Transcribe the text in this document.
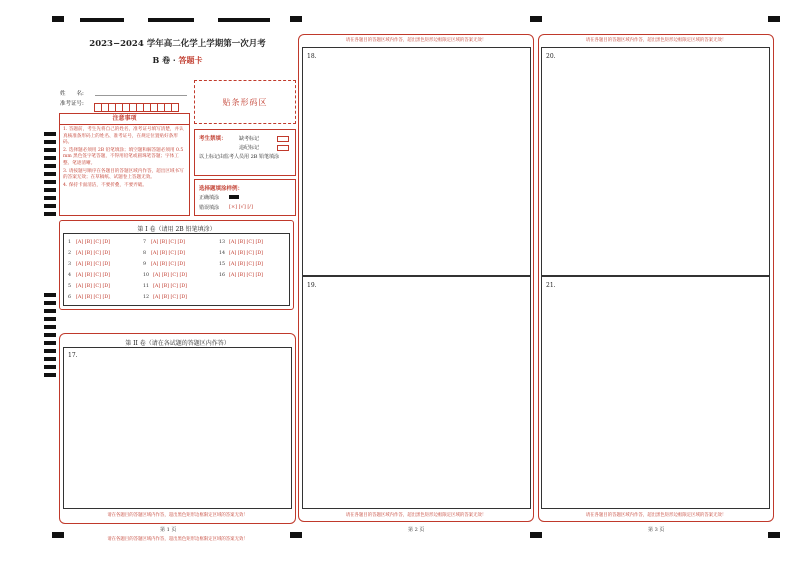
2023−2024 学年高二化学上学期第一次月考
B 卷 · 答题卡
姓　　名:
准考证号:	贴条形码区
注意事项
1. 答题前，考生先将自己的姓名，准考证号填写清楚，并认真核准条形码上的姓名、准考证号，在规定位置贴好条形码。
2. 选择题必须用 2B 铅笔填涂；填空题和解答题必须用 0.5 mm 黑色签字笔答题，不得用铅笔或圆珠笔答题；字体工整、笔迹清晰。
3. 请按题号顺序在各题目的答题区域内作答，超出区域书写的答案无效；在草稿纸、试题卷上答题无效。
4. 保持卡面清洁，不要折叠，不要弄破。
考生禁填： 缺考标记
违纪标记
以上标记由监考人员用 2B 铅笔填涂
选择题填涂样例：
正确填涂
错误填涂 [×] [√] [/]
第 I 卷（请用 2B 铅笔填涂）
1 [A] [B] [C] [D]
2 [A] [B] [C] [D]
3 [A] [B] [C] [D]
4 [A] [B] [C] [D]
5 [A] [B] [C] [D]
6 [A] [B] [C] [D]
7 [A] [B] [C] [D]
8 [A] [B] [C] [D]
9 [A] [B] [C] [D]
10 [A] [B] [C] [D]
11 [A] [B] [C] [D]
12 [A] [B] [C] [D]
13 [A] [B] [C] [D]
14 [A] [B] [C] [D]
15 [A] [B] [C] [D]
16 [A] [B] [C] [D]
第 II 卷（请在各试题的答题区内作答）
17.
请在各题目的答题区域内作答，超出黑色矩形边框限定区域的答案无效！
第 1 页
请在各题目的答题区域内作答，超出黑色矩形边框限定区域的答案无效！
请在各题目的答题区域内作答，超出黑色矩形边框限定区域的答案无效！
18.
19.
请在各题目的答题区域内作答，超出黑色矩形边框限定区域的答案无效！
第 2 页
请在各题目的答题区域内作答，超出黑色矩形边框限定区域的答案无效！
20.
21.
请在各题目的答题区域内作答，超出黑色矩形边框限定区域的答案无效！
第 3 页
